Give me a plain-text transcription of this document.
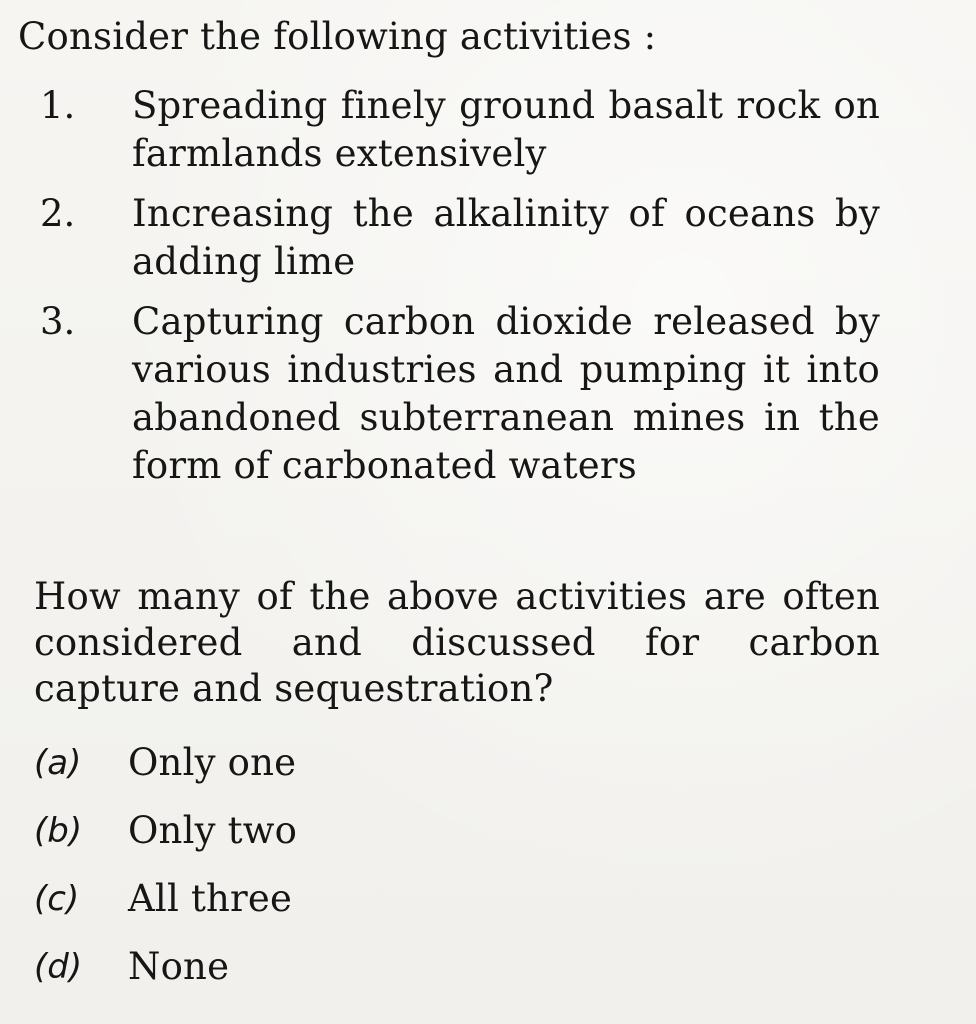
Consider the following activities :
1.	Spreading finely ground basalt rock on farmlands extensively
2.	Increasing the alkalinity of oceans by adding lime
3.	Capturing carbon dioxide released by various industries and pumping it into abandoned subterranean mines in the form of carbonated waters
How many of the above activities are often considered and discussed for carbon capture and sequestration?
(a) Only one
(b) Only two
(c) All three
(d) None
